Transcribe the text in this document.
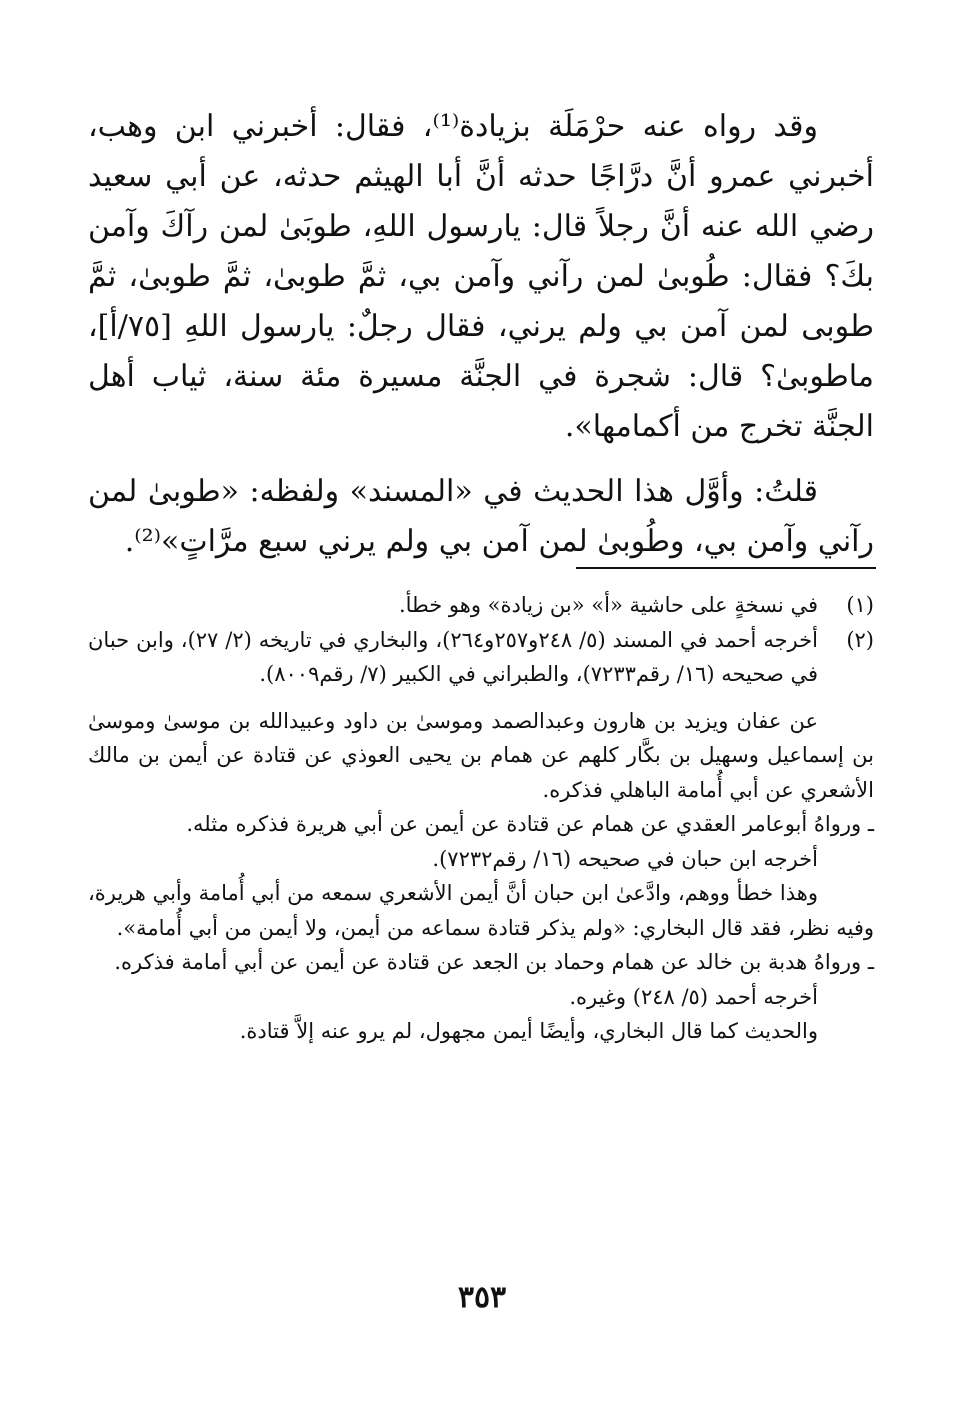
وقد رواه عنه حرْمَلَة بزيادة⁽¹⁾، فقال: أخبرني ابن وهب، أخبرني عمرو أنَّ درَّاجًا حدثه أنَّ أبا الهيثم حدثه، عن أبي سعيد رضي الله عنه أنَّ رجلاً قال: يارسول اللهِ، طوبَىٰ لمن رآكَ وآمن بكَ؟ فقال: طُوبىٰ لمن رآني وآمن بي، ثمَّ طوبىٰ، ثمَّ طوبىٰ، ثمَّ طوبى لمن آمن بي ولم يرني، فقال رجلٌ: يارسول اللهِ [٧٥/أ]، ماطوبىٰ؟ قال: شجرة في الجنَّة مسيرة مئة سنة، ثياب أهل الجنَّة تخرج من أكمامها».

قلتُ: وأوَّل هذا الحديث في «المسند» ولفظه: «طوبىٰ لمن رآني وآمن بي، وطُوبىٰ لمن آمن بي ولم يرني سبع مرَّاتٍ»⁽²⁾.

(١)
في نسخةٍ على حاشية «أ» «بن زيادة» وهو خطأ.
(٢)
أخرجه أحمد في المسند (٥/ ٢٤٨و٢٥٧و٢٦٤)، والبخاري في تاريخه (٢/ ٢٧)، وابن حبان في صحيحه (١٦/ رقم٧٢٣٣)، والطبراني في الكبير (٧/ رقم٨٠٠٩).

عن عفان ويزيد بن هارون وعبدالصمد وموسىٰ بن داود وعبيدالله بن موسىٰ وموسىٰ بن إسماعيل وسهيل بن بكَّار كلهم عن همام بن يحيى العوذي عن قتادة عن أيمن بن مالك الأشعري عن أبي أُمامة الباهلي فذكره.

ـ ورواهُ أبوعامر العقدي عن همام عن قتادة عن أيمن عن أبي هريرة فذكره مثله.

أخرجه ابن حبان في صحيحه (١٦/ رقم٧٢٣٢).

وهذا خطأ ووهم، وادَّعىٰ ابن حبان أنَّ أيمن الأشعري سمعه من أبي أُمامة وأبي هريرة، وفيه نظر، فقد قال البخاري: «ولم يذكر قتادة سماعه من أيمن، ولا أيمن من أبي أُمامة».

ـ ورواهُ هدبة بن خالد عن همام وحماد بن الجعد عن قتادة عن أيمن عن أبي أمامة فذكره.

أخرجه أحمد (٥/ ٢٤٨) وغيره.

والحديث كما قال البخاري، وأيضًا أيمن مجهول، لم يرو عنه إلاَّ قتادة.

٣٥٣
